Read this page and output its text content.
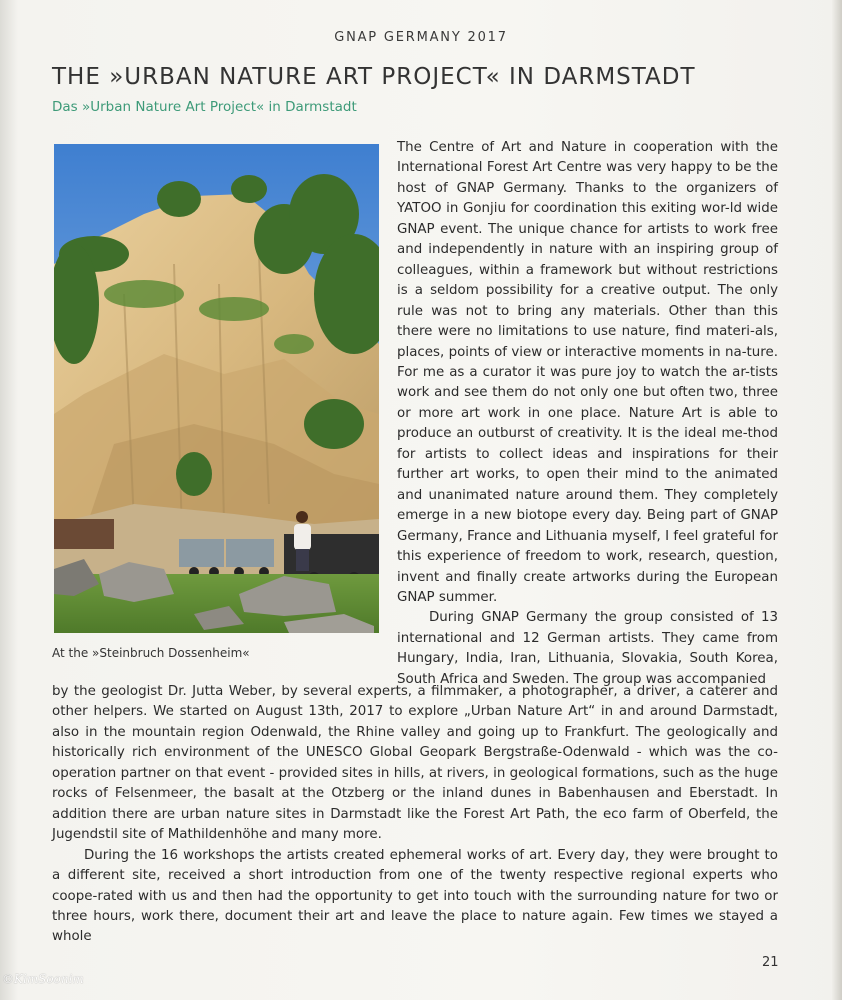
GNAP GERMANY 2017
THE »URBAN NATURE ART PROJECT« IN DARMSTADT
Das »Urban Nature Art Project« in Darmstadt
At the »Steinbruch Dossenheim«

The Centre of Art and Nature in cooperation with the International Forest Art Centre was very happy to be the host of GNAP Germany. Thanks to the organizers of YATOO in Gonjiu for coordination this exiting wor-ld wide GNAP event. The unique chance for artists to work free and independently in nature with an inspiring group of colleagues, within a framework but without restrictions is a seldom possibility for a creative output. The only rule was not to bring any materials. Other than this there were no limitations to use nature, find materi-als, places, points of view or interactive moments in na-ture. For me as a curator it was pure joy to watch the ar-tists work and see them do not only one but often two, three or more art work in one place. Nature Art is able to produce an outburst of creativity. It is the ideal me-thod for artists to collect ideas and inspirations for their further art works, to open their mind to the animated and unanimated nature around them. They completely emerge in a new biotope every day. Being part of GNAP Germany, France and Lithuania myself, I feel grateful for this experience of freedom to work, research, question, invent and finally create artworks during the European GNAP summer.

During GNAP Germany the group consisted of 13 international and 12 German artists. They came from Hungary, India, Iran, Lithuania, Slovakia, South Korea, South Africa and Sweden. The group was accompanied

by the geologist Dr. Jutta Weber, by several experts, a filmmaker, a photographer, a driver, a caterer and other helpers. We started on August 13th, 2017 to explore „Urban Nature Art“ in and around Darmstadt, also in the mountain region Odenwald, the Rhine valley and going up to Frankfurt. The geologically and historically rich environment of the UNESCO Global Geopark Bergstraße-Odenwald - which was the co-operation partner on that event - provided sites in hills, at rivers, in geological formations, such as the huge rocks of Felsenmeer, the basalt at the Otzberg or the inland dunes in Babenhausen and Eberstadt. In addition there are urban nature sites in Darmstadt like the Forest Art Path, the eco farm of Oberfeld, the Jugendstil site of Mathildenhöhe and many more.

During the 16 workshops the artists created ephemeral works of art. Every day, they were brought to a different site, received a short introduction from one of the twenty respective regional experts who coope-rated with us and then had the opportunity to get into touch with the surrounding nature for two or three hours, work there, document their art and leave the place to nature again. Few times we stayed a whole

21
©KimSoonim
